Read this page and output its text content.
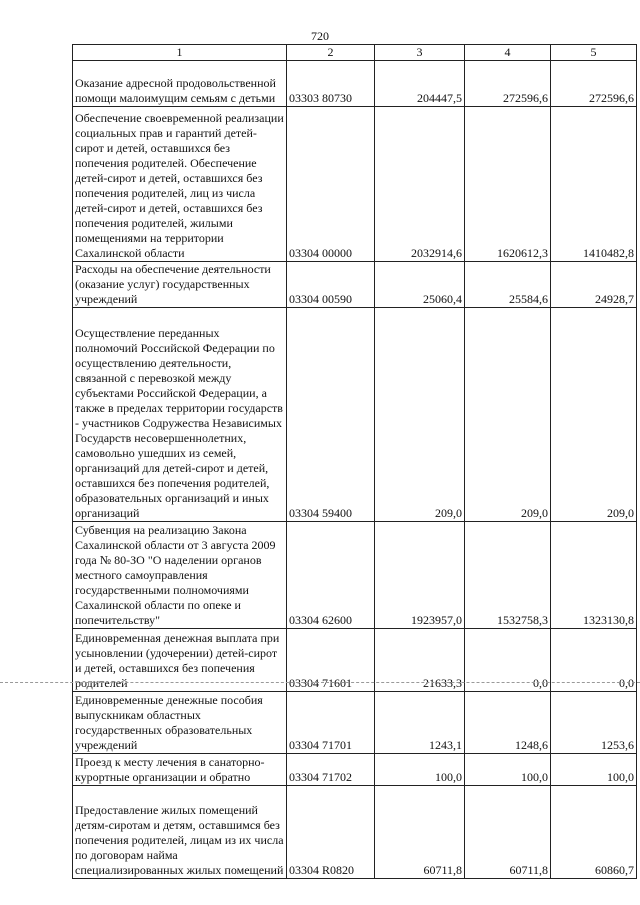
720
1	2	3	4	5
Оказание адресной продовольственной помощи малоимущим семьям с детьми	03303 80730	204447,5	272596,6	272596,6
Обеспечение своевременной реализации социальных прав и гарантий детей-сирот и детей, оставшихся без попечения родителей. Обеспечение детей-сирот и детей, оставшихся без попечения родителей, лиц из числа детей-сирот и детей, оставшихся без попечения родителей, жилыми помещениями на территории Сахалинской области	03304 00000	2032914,6	1620612,3	1410482,8
Расходы на обеспечение деятельности (оказание услуг) государственных учреждений	03304 00590	25060,4	25584,6	24928,7
Осуществление переданных полномочий Российской Федерации по осуществлению деятельности, связанной с перевозкой между субъектами Российской Федерации, а также в пределах территории государств - участников Содружества Независимых Государств несовершеннолетних, самовольно ушедших из семей, организаций для детей-сирот и детей, оставшихся без попечения родителей, образовательных организаций и иных организаций	03304 59400	209,0	209,0	209,0
Субвенция на реализацию Закона Сахалинской области от 3 августа 2009 года № 80-ЗО "О наделении органов местного самоуправления государственными полномочиями Сахалинской области по опеке и попечительству"	03304 62600	1923957,0	1532758,3	1323130,8
Единовременная денежная выплата при усыновлении (удочерении) детей-сирот и детей, оставшихся без попечения родителей	03304 71601	21633,3	0,0	0,0
Единовременные денежные пособия выпускникам областных государственных образовательных учреждений	03304 71701	1243,1	1248,6	1253,6
Проезд к месту лечения в санаторно-курортные организации и обратно	03304 71702	100,0	100,0	100,0
Предоставление жилых помещений детям-сиротам и детям, оставшимся без попечения родителей, лицам из их числа по договорам найма специализированных жилых помещений	03304 R0820	60711,8	60711,8	60860,7
